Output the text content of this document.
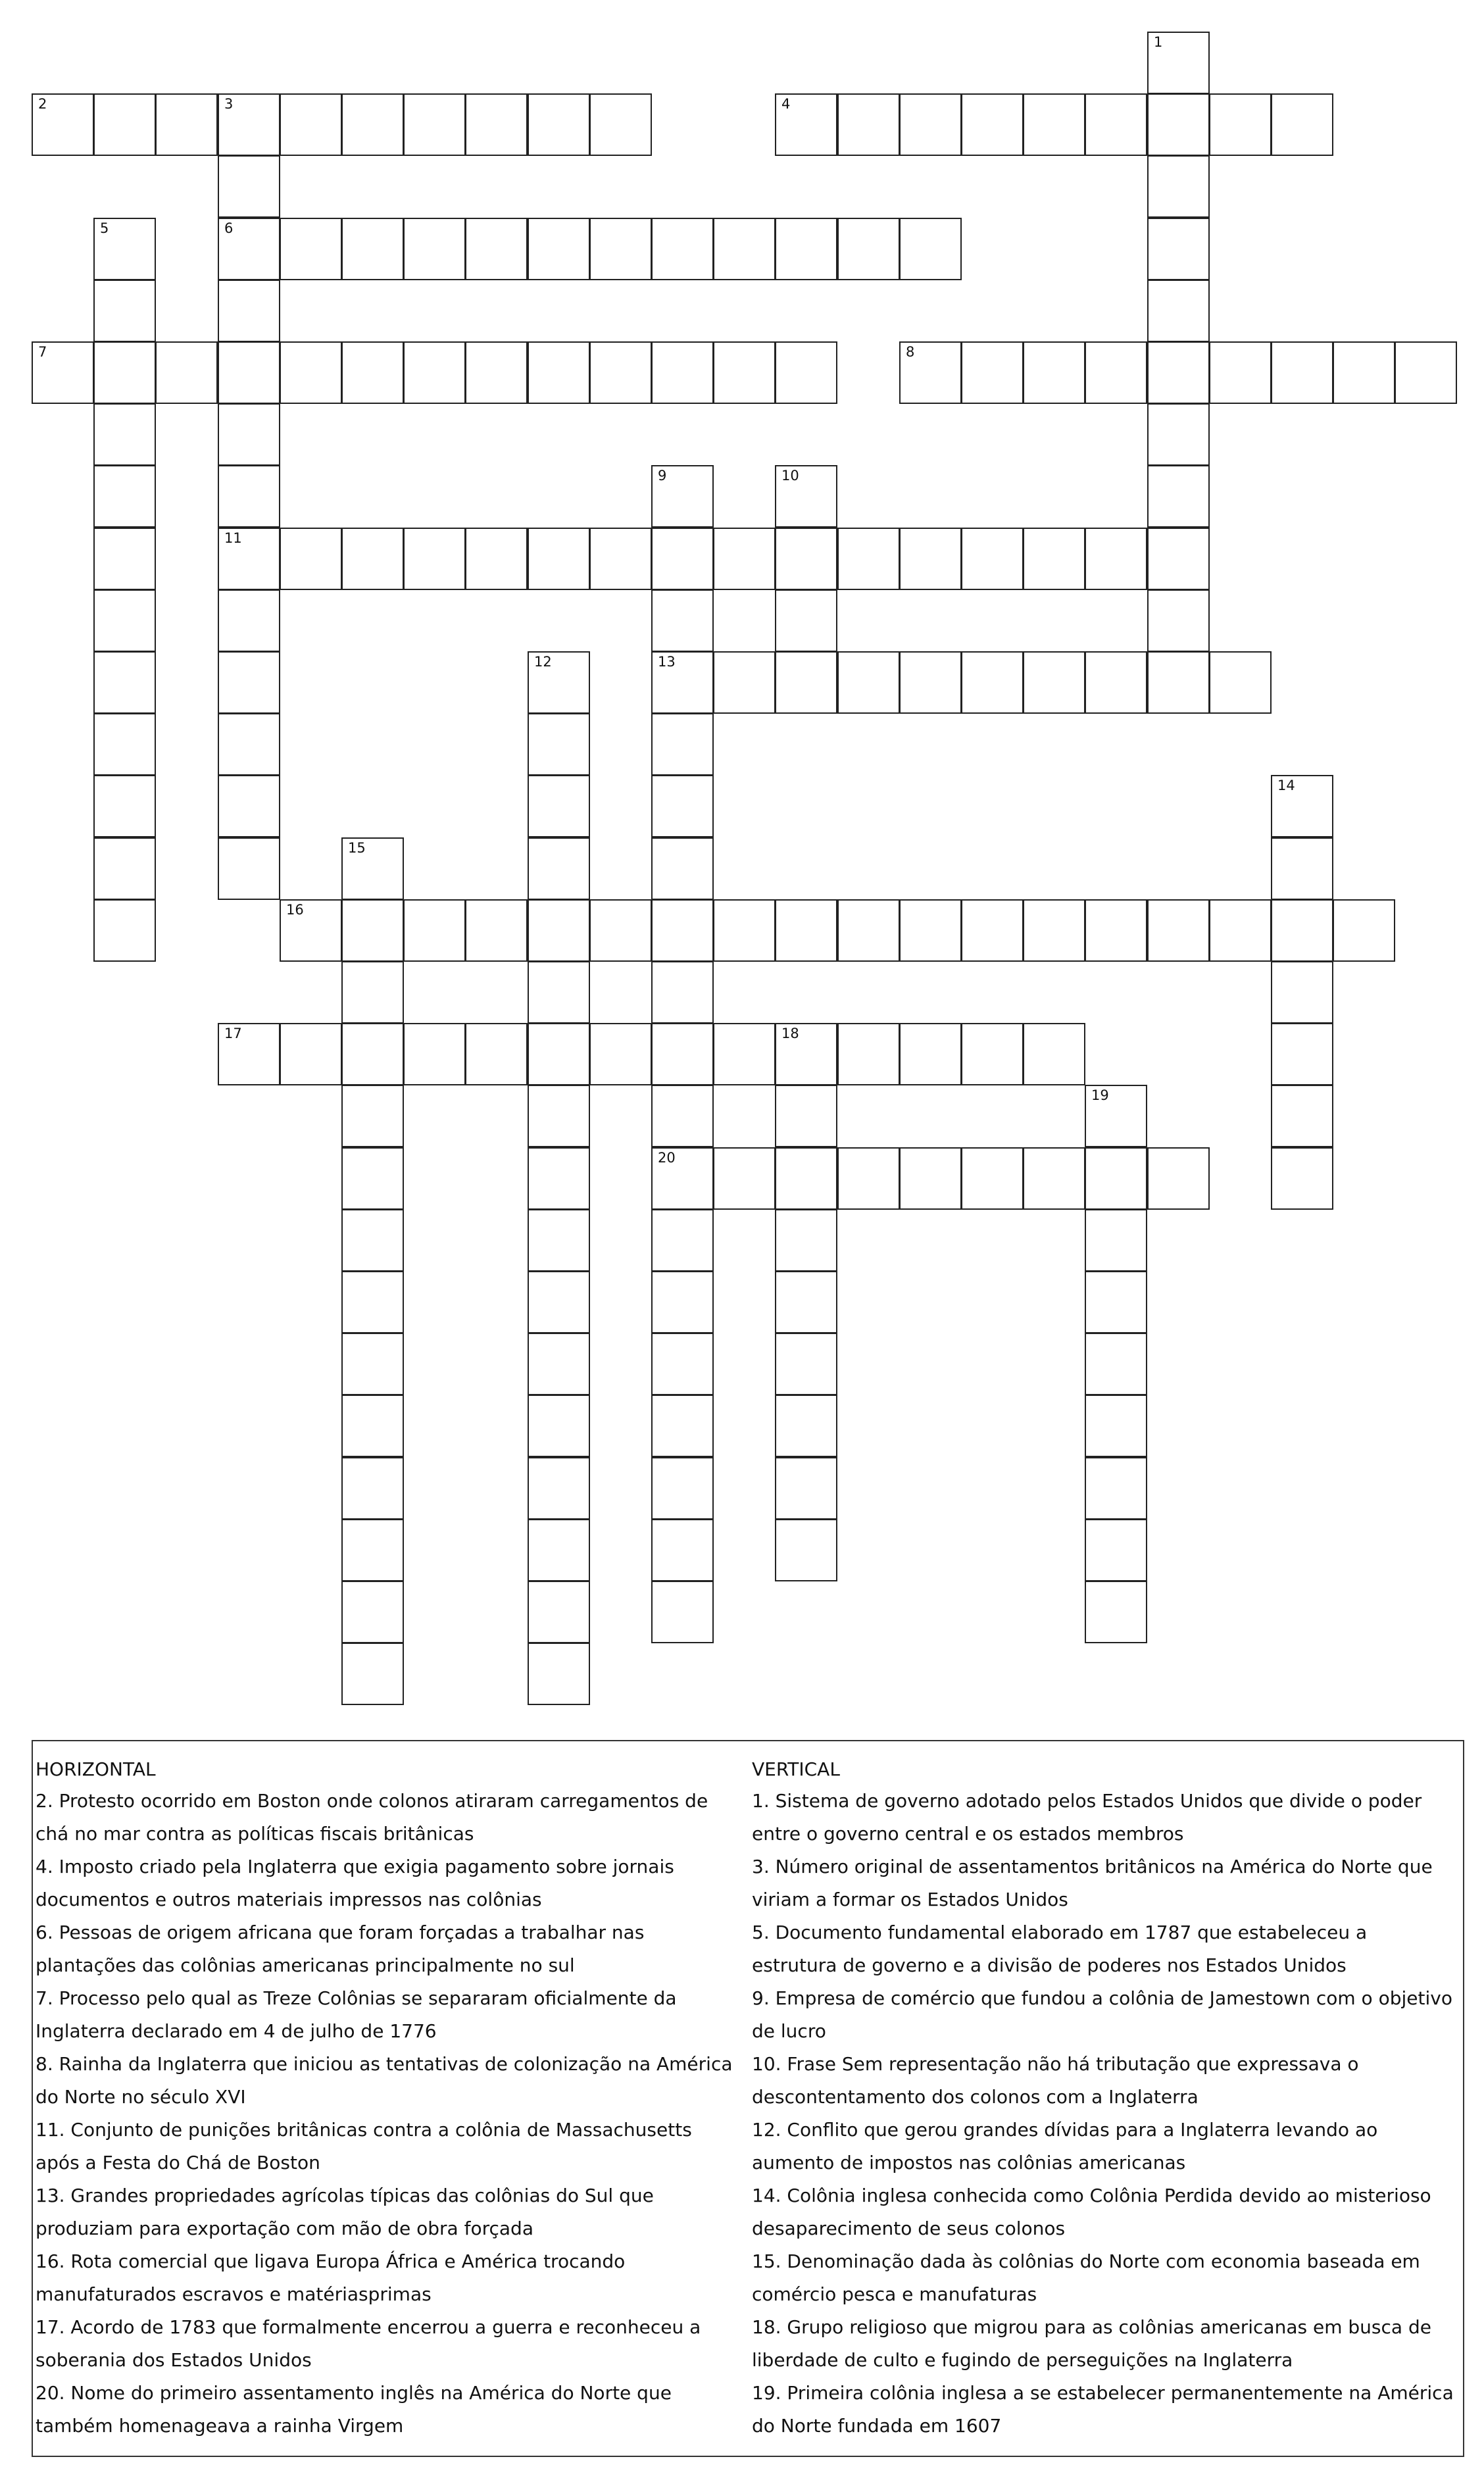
1
2	3
6
11
4
5
7	8
9
13
20
10
12
14
15
16
17	18
19
HORIZONTAL
2. Protesto ocorrido em Boston onde colonos atiraram carregamentos de chá no mar contra as políticas fiscais britânicas
4. Imposto criado pela Inglaterra que exigia pagamento sobre jornais documentos e outros materiais impressos nas colônias
6. Pessoas de origem africana que foram forçadas a trabalhar nas plantações das colônias americanas principalmente no sul
7. Processo pelo qual as Treze Colônias se separaram oficialmente da Inglaterra declarado em 4 de julho de 1776
8. Rainha da Inglaterra que iniciou as tentativas de colonização na América do Norte no século XVI
11. Conjunto de punições britânicas contra a colônia de Massachusetts após a Festa do Chá de Boston
13. Grandes propriedades agrícolas típicas das colônias do Sul que produziam para exportação com mão de obra forçada
16. Rota comercial que ligava Europa África e América trocando manufaturados escravos e matériasprimas
17. Acordo de 1783 que formalmente encerrou a guerra e reconheceu a soberania dos Estados Unidos
20. Nome do primeiro assentamento inglês na América do Norte que também homenageava a rainha Virgem
VERTICAL
1. Sistema de governo adotado pelos Estados Unidos que divide o poder entre o governo central e os estados membros
3. Número original de assentamentos britânicos na América do Norte que viriam a formar os Estados Unidos
5. Documento fundamental elaborado em 1787 que estabeleceu a estrutura de governo e a divisão de poderes nos Estados Unidos
9. Empresa de comércio que fundou a colônia de Jamestown com o objetivo de lucro
10. Frase Sem representação não há tributação que expressava o descontentamento dos colonos com a Inglaterra
12. Conflito que gerou grandes dívidas para a Inglaterra levando ao aumento de impostos nas colônias americanas
14. Colônia inglesa conhecida como Colônia Perdida devido ao misterioso desaparecimento de seus colonos
15. Denominação dada às colônias do Norte com economia baseada em comércio pesca e manufaturas
18. Grupo religioso que migrou para as colônias americanas em busca de liberdade de culto e fugindo de perseguições na Inglaterra
19. Primeira colônia inglesa a se estabelecer permanentemente na América do Norte fundada em 1607
